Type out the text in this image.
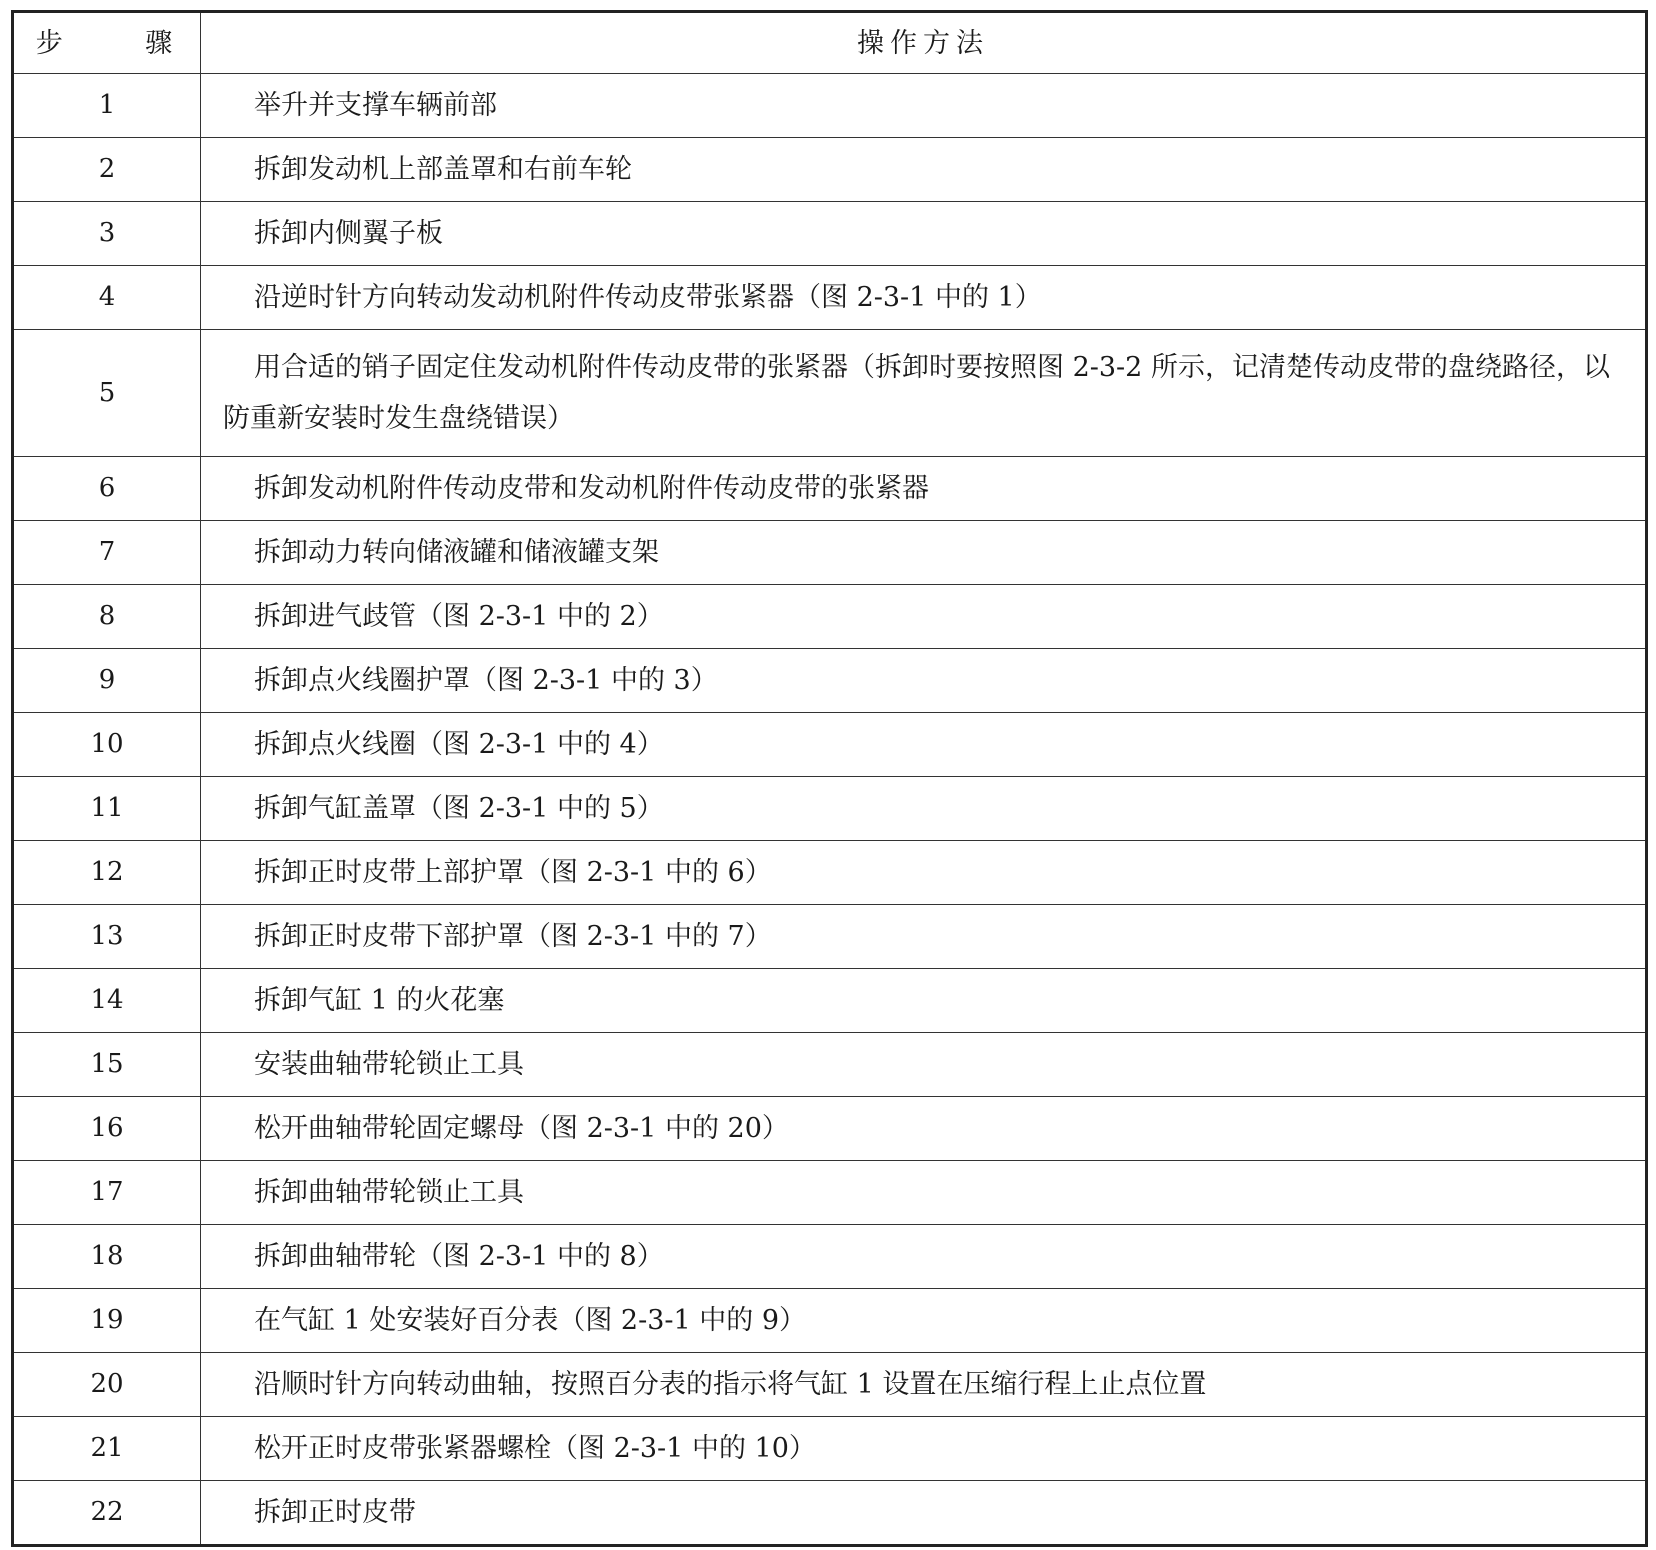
步 骤	操作方法
1	举升并支撑车辆前部
2	拆卸发动机上部盖罩和右前车轮
3	拆卸内侧翼子板
4	沿逆时针方向转动发动机附件传动皮带张紧器（图 2-3-1 中的 1）
5	用合适的销子固定住发动机附件传动皮带的张紧器（拆卸时要按照图 2-3-2 所示，记清楚传动皮带的盘绕路径，以防重新安装时发生盘绕错误）
6	拆卸发动机附件传动皮带和发动机附件传动皮带的张紧器
7	拆卸动力转向储液罐和储液罐支架
8	拆卸进气歧管（图 2-3-1 中的 2）
9	拆卸点火线圈护罩（图 2-3-1 中的 3）
10	拆卸点火线圈（图 2-3-1 中的 4）
11	拆卸气缸盖罩（图 2-3-1 中的 5）
12	拆卸正时皮带上部护罩（图 2-3-1 中的 6）
13	拆卸正时皮带下部护罩（图 2-3-1 中的 7）
14	拆卸气缸 1 的火花塞
15	安装曲轴带轮锁止工具
16	松开曲轴带轮固定螺母（图 2-3-1 中的 20）
17	拆卸曲轴带轮锁止工具
18	拆卸曲轴带轮（图 2-3-1 中的 8）
19	在气缸 1 处安装好百分表（图 2-3-1 中的 9）
20	沿顺时针方向转动曲轴，按照百分表的指示将气缸 1 设置在压缩行程上止点位置
21	松开正时皮带张紧器螺栓（图 2-3-1 中的 10）
22	拆卸正时皮带
